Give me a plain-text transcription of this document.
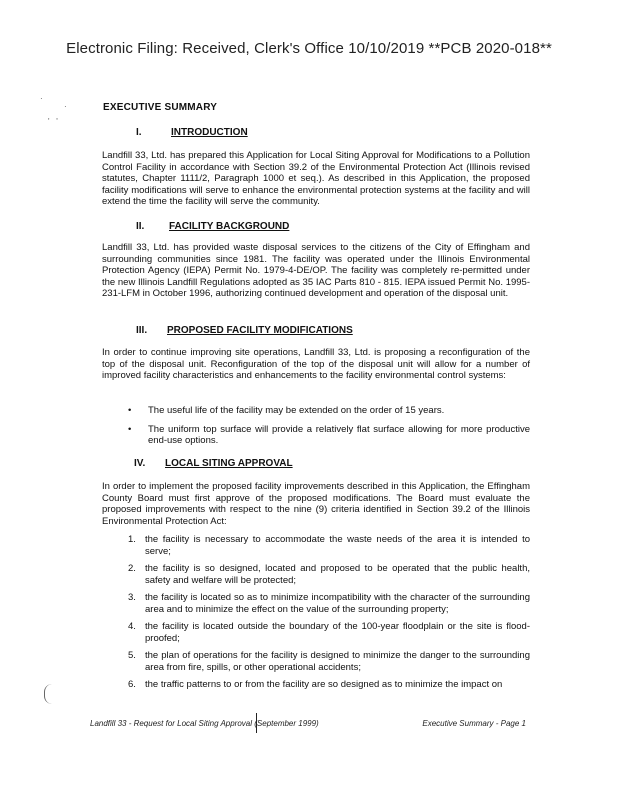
Electronic Filing: Received, Clerk's Office 10/10/2019 **PCB 2020-018**
·
·
'   '
EXECUTIVE SUMMARY
I.	INTRODUCTION
Landfill 33, Ltd. has prepared this Application for Local Siting Approval for Modifications to a Pollution Control Facility in accordance with Section 39.2 of the Environmental Protection Act (Illinois revised statutes, Chapter 1111/2, Paragraph 1000 et seq.). As described in this Application, the proposed facility modifications will serve to enhance the environmental protection systems at the facility and will extend the time the facility will serve the community.
II. FACILITY BACKGROUND
Landfill 33, Ltd. has provided waste disposal services to the citizens of the City of Effingham and surrounding communities since 1981. The facility was operated under the Illinois Environmental Protection Agency (IEPA) Permit No. 1979-4-DE/OP. The facility was completely re-permitted under the new Illinois Landfill Regulations adopted as 35 IAC Parts 810 - 815. IEPA issued Permit No. 1995-231-LFM in October 1996, authorizing continued development and operation of the disposal unit.
III. PROPOSED FACILITY MODIFICATIONS
In order to continue improving site operations, Landfill 33, Ltd. is proposing a reconfiguration of the top of the disposal unit. Reconfiguration of the top of the disposal unit will allow for a number of improved facility characteristics and enhancements to the facility environmental control systems:
• The useful life of the facility may be extended on the order of 15 years.
• The uniform top surface will provide a relatively flat surface allowing for more productive end-use options.
IV. LOCAL SITING APPROVAL
In order to implement the proposed facility improvements described in this Application, the Effingham County Board must first approve of the proposed modifications. The Board must evaluate the proposed improvements with respect to the nine (9) criteria identified in Section 39.2 of the Illinois Environmental Protection Act:
1. the facility is necessary to accommodate the waste needs of the area it is intended to serve;
2. the facility is so designed, located and proposed to be operated that the public health, safety and welfare will be protected;
3. the facility is located so as to minimize incompatibility with the character of the surrounding area and to minimize the effect on the value of the surrounding property;
4. the facility is located outside the boundary of the 100-year floodplain or the site is flood-proofed;
5. the plan of operations for the facility is designed to minimize the danger to the surrounding area from fire, spills, or other operational accidents;
6. the traffic patterns to or from the facility are so designed as to minimize the impact on
Landfill 33 - Request for Local Siting Approval (September 1999)	Executive Summary - Page 1
